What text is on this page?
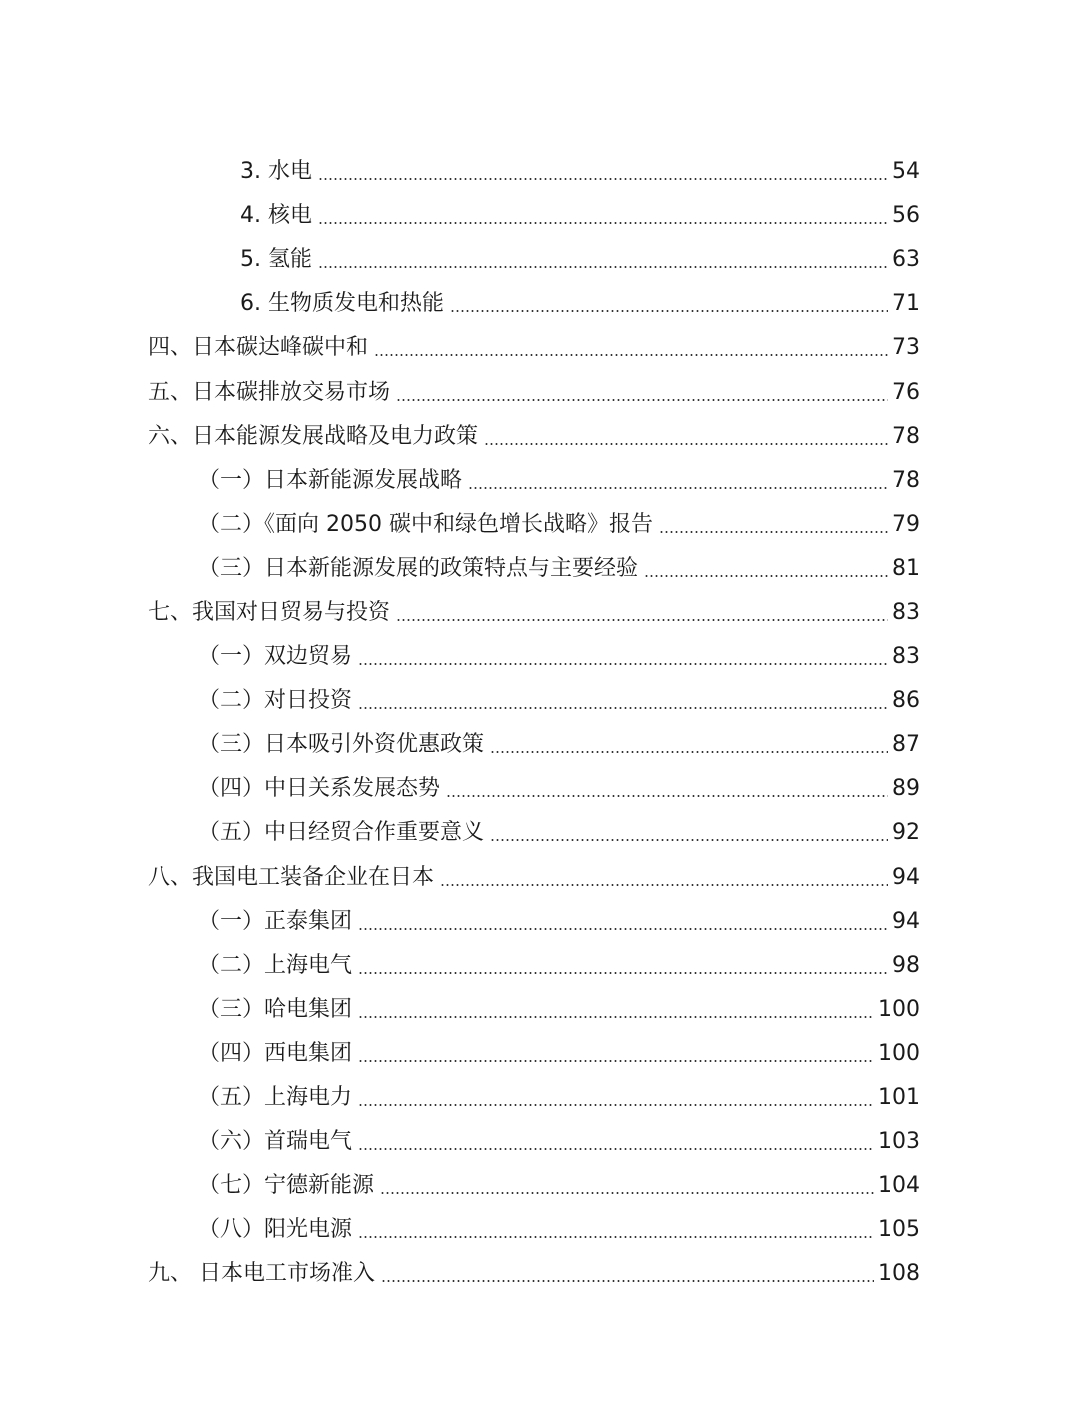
3. 水电	54
4. 核电	56
5. 氢能	63
6. 生物质发电和热能	71
四、日本碳达峰碳中和	73
五、日本碳排放交易市场	76
六、日本能源发展战略及电力政策	78
（一）日本新能源发展战略	78
（二）《面向 2050 碳中和绿色增长战略》报告	79
（三）日本新能源发展的政策特点与主要经验	81
七、我国对日贸易与投资	83
（一）双边贸易	83
（二）对日投资	86
（三）日本吸引外资优惠政策	87
（四）中日关系发展态势	89
（五）中日经贸合作重要意义	92
八、我国电工装备企业在日本	94
（一）正泰集团	94
（二）上海电气	98
（三）哈电集团	100
（四）西电集团	100
（五）上海电力	101
（六）首瑞电气	103
（七）宁德新能源	104
（八）阳光电源	105
九、 日本电工市场准入	108
